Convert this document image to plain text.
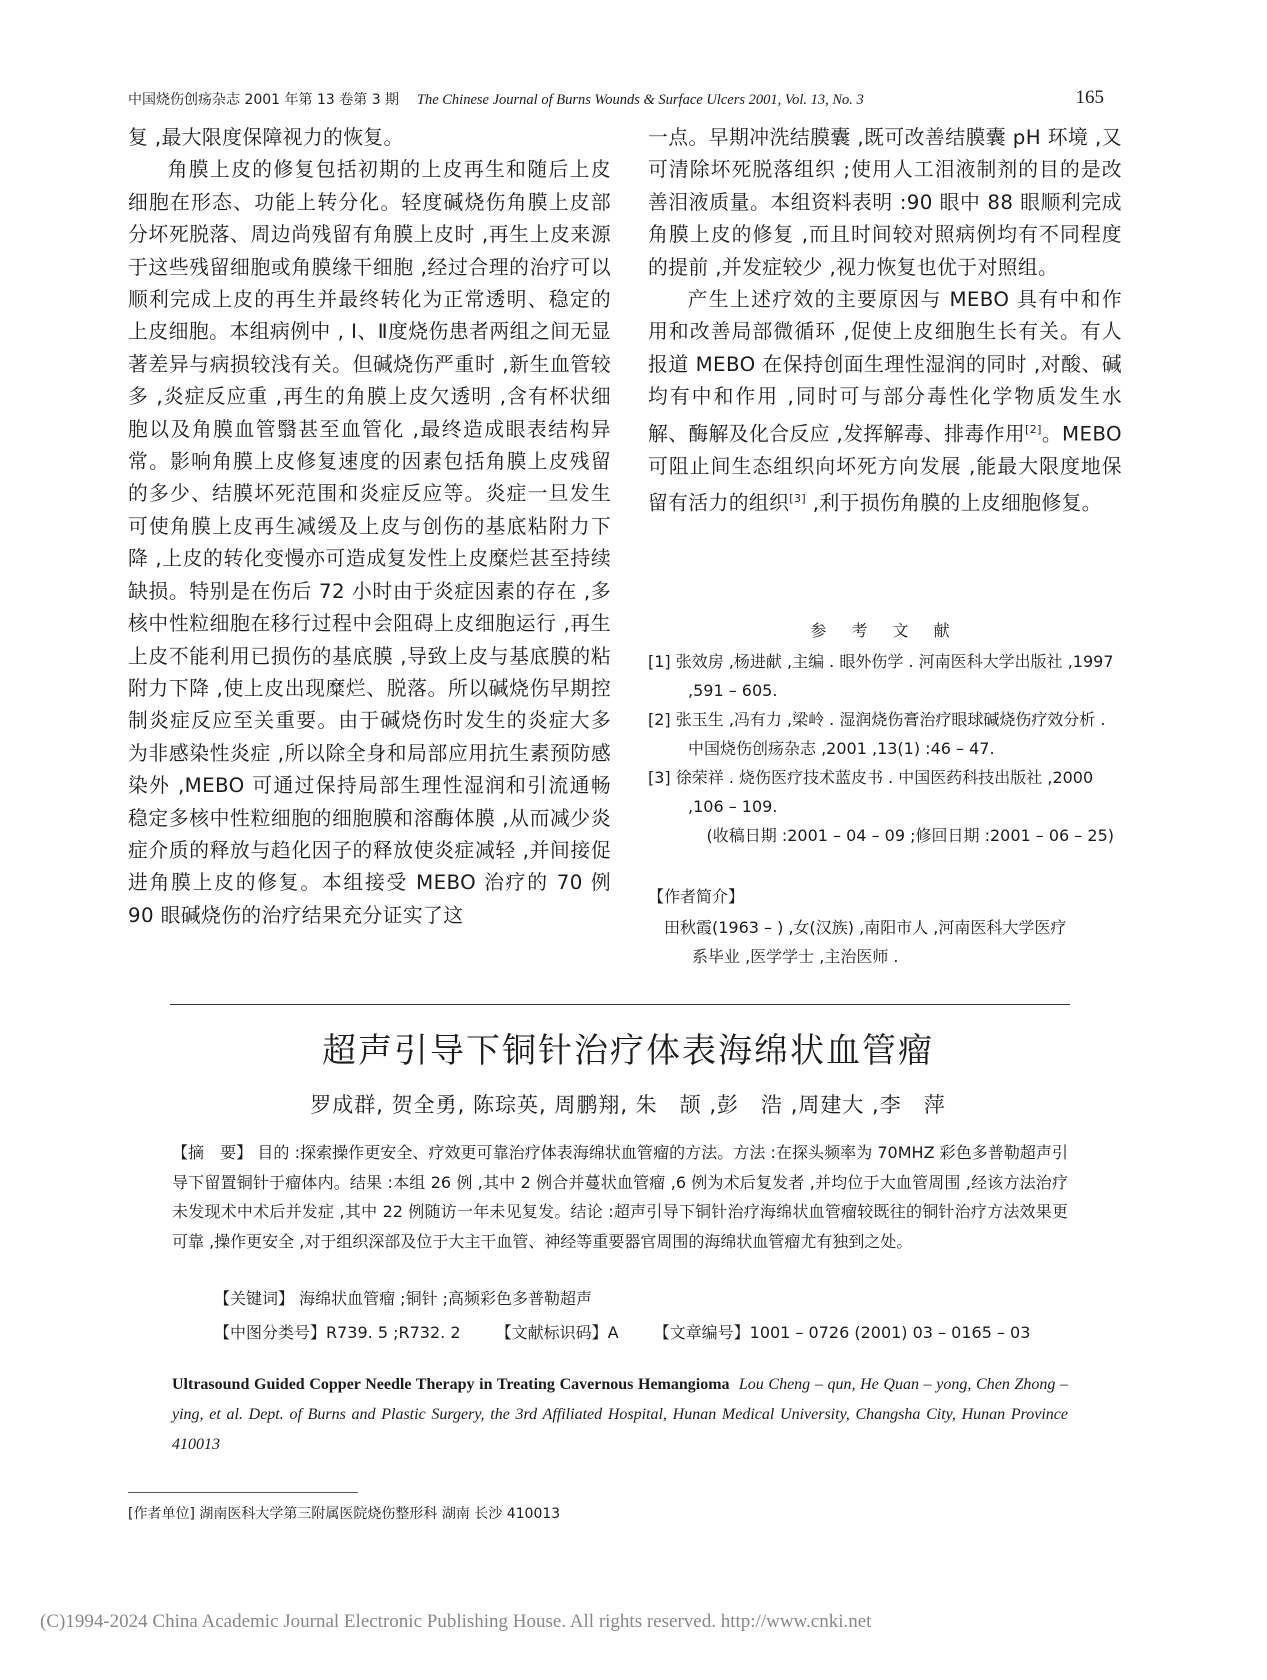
中国烧伤创疡杂志 2001 年第 13 卷第 3 期 The Chinese Journal of Burns Wounds & Surface Ulcers 2001, Vol. 13, No. 3	165

复 ,最大限度保障视力的恢复。

角膜上皮的修复包括初期的上皮再生和随后上皮细胞在形态、功能上转分化。轻度碱烧伤角膜上皮部分坏死脱落、周边尚残留有角膜上皮时 ,再生上皮来源于这些残留细胞或角膜缘干细胞 ,经过合理的治疗可以顺利完成上皮的再生并最终转化为正常透明、稳定的上皮细胞。本组病例中 , Ⅰ、Ⅱ度烧伤患者两组之间无显著差异与病损较浅有关。但碱烧伤严重时 ,新生血管较多 ,炎症反应重 ,再生的角膜上皮欠透明 ,含有杯状细胞以及角膜血管翳甚至血管化 ,最终造成眼表结构异常。影响角膜上皮修复速度的因素包括角膜上皮残留的多少、结膜坏死范围和炎症反应等。炎症一旦发生可使角膜上皮再生减缓及上皮与创伤的基底粘附力下降 ,上皮的转化变慢亦可造成复发性上皮糜烂甚至持续缺损。特别是在伤后 72 小时由于炎症因素的存在 ,多核中性粒细胞在移行过程中会阻碍上皮细胞运行 ,再生上皮不能利用已损伤的基底膜 ,导致上皮与基底膜的粘附力下降 ,使上皮出现糜烂、脱落。所以碱烧伤早期控制炎症反应至关重要。由于碱烧伤时发生的炎症大多为非感染性炎症 ,所以除全身和局部应用抗生素预防感染外 ,MEBO 可通过保持局部生理性湿润和引流通畅稳定多核中性粒细胞的细胞膜和溶酶体膜 ,从而减少炎症介质的释放与趋化因子的释放使炎症减轻 ,并间接促进角膜上皮的修复。本组接受 MEBO 治疗的 70 例 90 眼碱烧伤的治疗结果充分证实了这

一点。早期冲洗结膜囊 ,既可改善结膜囊 pH 环境 ,又可清除坏死脱落组织 ;使用人工泪液制剂的目的是改善泪液质量。本组资料表明 :90 眼中 88 眼顺利完成角膜上皮的修复 ,而且时间较对照病例均有不同程度的提前 ,并发症较少 ,视力恢复也优于对照组。

产生上述疗效的主要原因与 MEBO 具有中和作用和改善局部微循环 ,促使上皮细胞生长有关。有人报道 MEBO 在保持创面生理性湿润的同时 ,对酸、碱均有中和作用 ,同时可与部分毒性化学物质发生水解、酶解及化合反应 ,发挥解毒、排毒作用[2]。MEBO 可阻止间生态组织向坏死方向发展 ,能最大限度地保留有活力的组织[3] ,利于损伤角膜的上皮细胞修复。

参 考 文 献
[1] 张效房 ,杨进献 ,主编 . 眼外伤学 . 河南医科大学出版社 ,1997 ,591 – 605.
[2] 张玉生 ,冯有力 ,梁岭 . 湿润烧伤膏治疗眼球碱烧伤疗效分析 . 中国烧伤创疡杂志 ,2001 ,13(1) :46 – 47.
[3] 徐荣祥 . 烧伤医疗技术蓝皮书 . 中国医药科技出版社 ,2000 ,106 – 109.
(收稿日期 :2001 – 04 – 09 ;修回日期 :2001 – 06 – 25)
【作者简介】
田秋霞(1963 – ) ,女(汉族) ,南阳市人 ,河南医科大学医疗
系毕业 ,医学学士 ,主治医师 .
超声引导下铜针治疗体表海绵状血管瘤
罗成群, 贺全勇, 陈琮英, 周鹏翔, 朱　颉 ,彭　浩 ,周建大 ,李　萍

【摘　要】 目的 :探索操作更安全、疗效更可靠治疗体表海绵状血管瘤的方法。方法 :在探头频率为 70MHZ 彩色多普勒超声引导下留置铜针于瘤体内。结果 :本组 26 例 ,其中 2 例合并蔓状血管瘤 ,6 例为术后复发者 ,并均位于大血管周围 ,经该方法治疗未发现术中术后并发症 ,其中 22 例随访一年未见复发。结论 :超声引导下铜针治疗海绵状血管瘤较既往的铜针治疗方法效果更可靠 ,操作更安全 ,对于组织深部及位于大主干血管、神经等重要器官周围的海绵状血管瘤尤有独到之处。

【关键词】 海绵状血管瘤 ;铜针 ;高频彩色多普勒超声
【中图分类号】R739. 5 ;R732. 2 【文献标识码】A 【文章编号】1001 – 0726 (2001) 03 – 0165 – 03
Ultrasound Guided Copper Needle Therapy in Treating Cavernous Hemangioma Lou Cheng – qun, He Quan – yong, Chen Zhong – ying, et al. Dept. of Burns and Plastic Surgery, the 3rd Affiliated Hospital, Hunan Medical University, Changsha City, Hunan Province 410013
[作者单位] 湖南医科大学第三附属医院烧伤整形科 湖南 长沙 410013
(C)1994-2024 China Academic Journal Electronic Publishing House. All rights reserved. http://www.cnki.net
